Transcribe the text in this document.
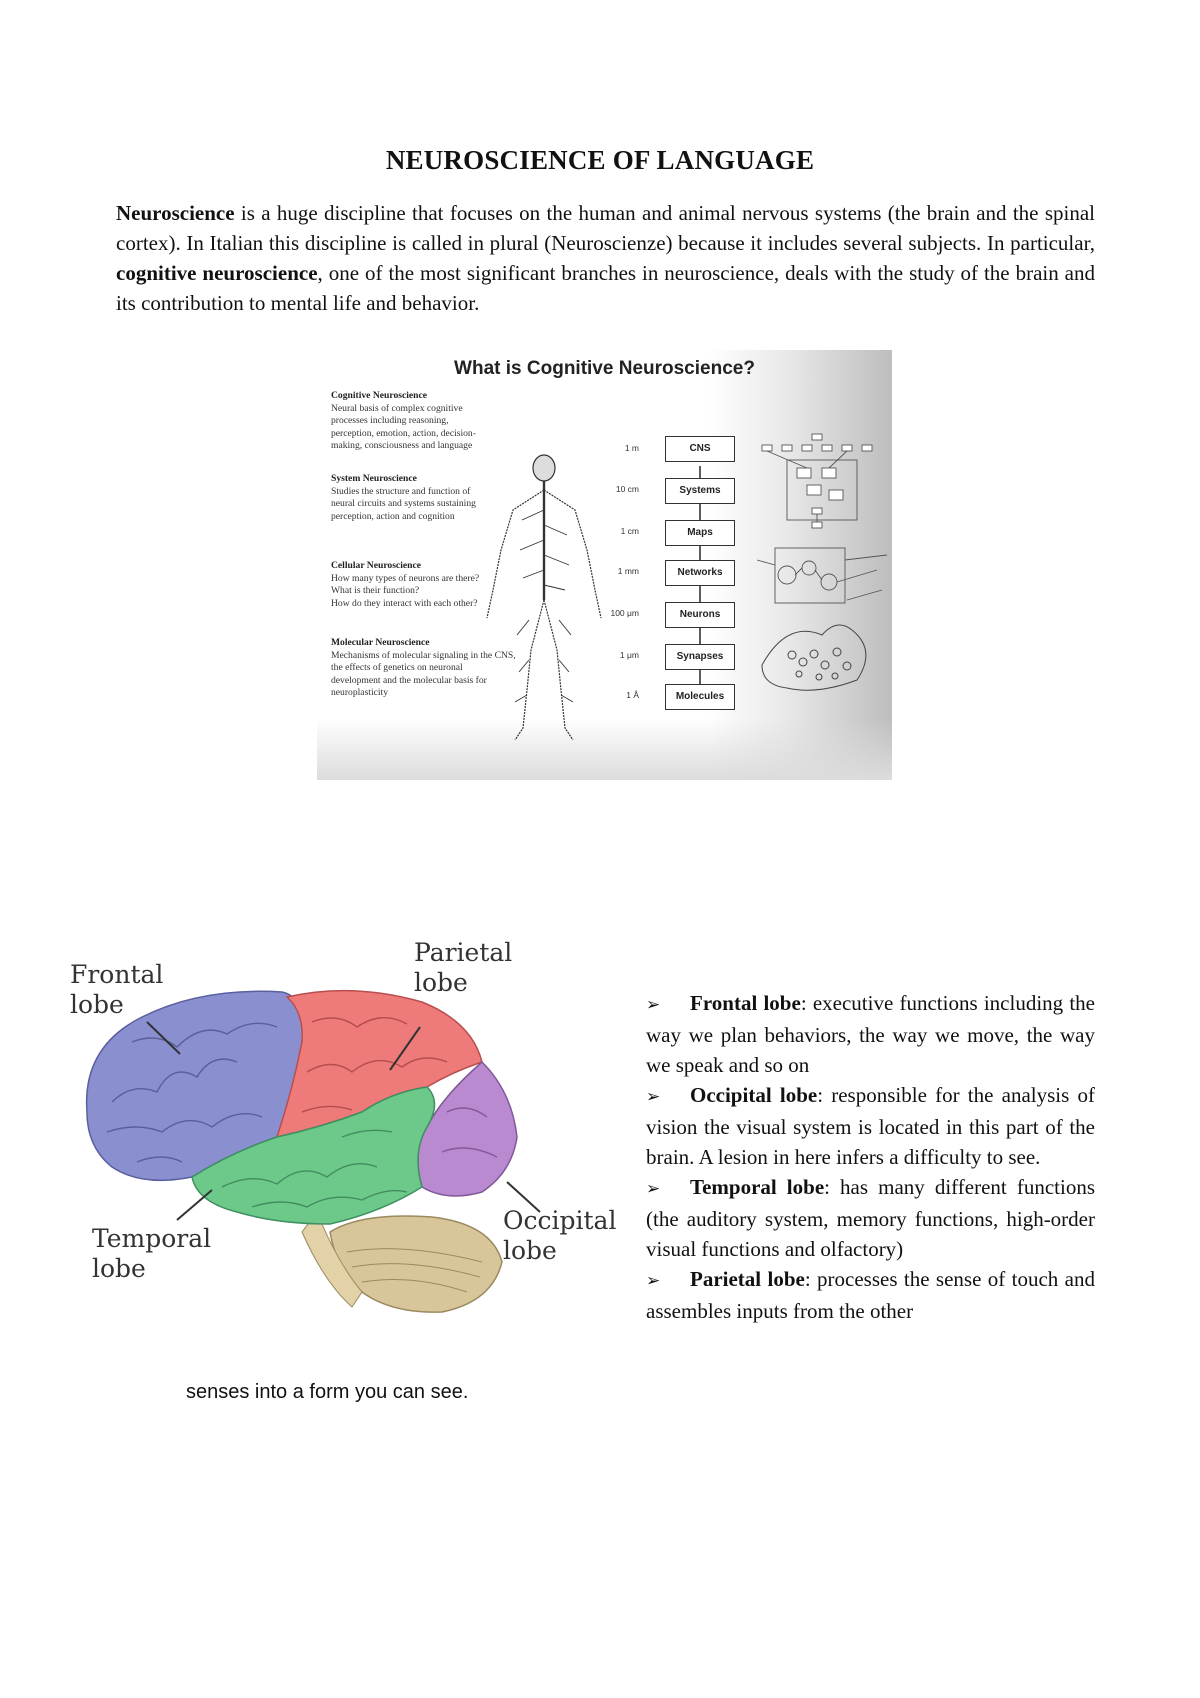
NEUROSCIENCE OF LANGUAGE

Neuroscience is a huge discipline that focuses on the human and animal nervous systems (the brain and the spinal cortex). In Italian this discipline is called in plural (Neuroscienze) because it includes several subjects. In particular, cognitive neuroscience, one of the most significant branches in neuroscience, deals with the study of the brain and its contribution to mental life and behavior.

What is Cognitive Neuroscience?
Cognitive Neuroscience
Neural basis of complex cognitive
processes including reasoning,
perception, emotion, action, decision-
making, consciousness and language
System Neuroscience
Studies the structure and function of
neural circuits and systems sustaining
perception, action and cognition
Cellular Neuroscience
How many types of neurons are there?
What is their function?
How do they interact with each other?
Molecular Neuroscience
Mechanisms of molecular signaling in the CNS,
the effects of genetics on neuronal
development and the molecular basis for
neuroplasticity
1 m	CNS
10 cm	Systems
1 cm	Maps
1 mm	Networks
100 μm	Neurons
1 μm	Synapses
1 Å	Molecules
Frontal
lobe
Parietal
lobe
Temporal
lobe
Occipital
lobe
senses into a form you can see.
➢ Frontal lobe: executive functions including the way we plan behaviors, the way we move, the way we speak and so on
➢ Occipital lobe: responsible for the analysis of vision the visual system is located in this part of the brain. A lesion in here infers a difficulty to see.
➢ Temporal lobe: has many different functions (the auditory system, memory functions, high-order visual functions and olfactory)
➢ Parietal lobe: processes the sense of touch and assembles inputs from the other
